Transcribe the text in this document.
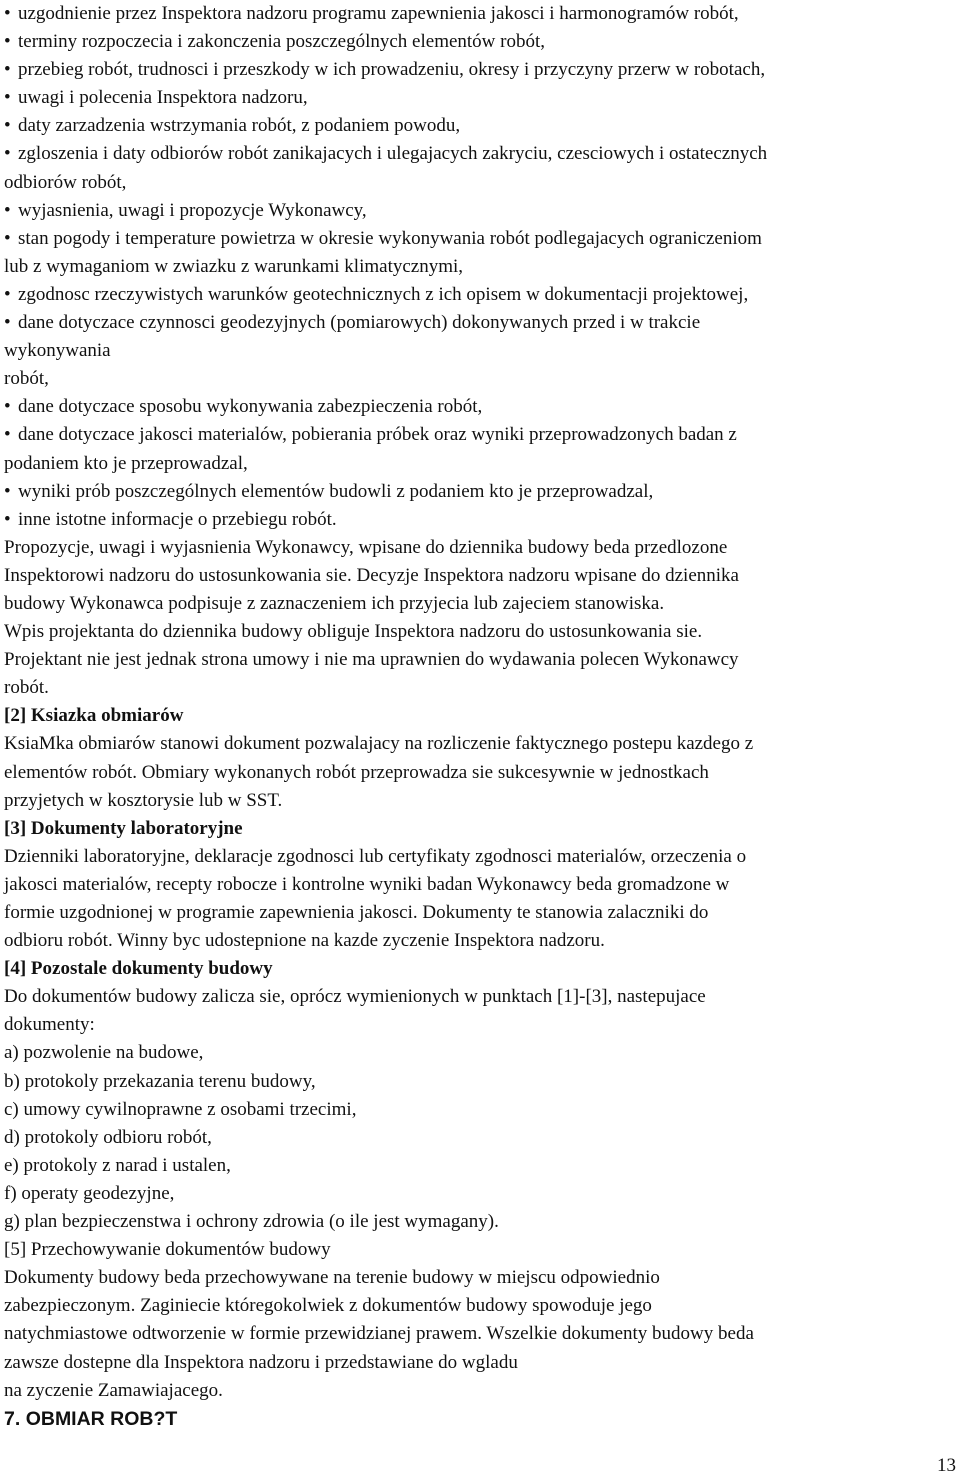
• uzgodnienie przez Inspektora nadzoru programu zapewnienia jakosci i harmonogramów robót,
• terminy rozpoczecia i zakonczenia poszczególnych elementów robót,
• przebieg robót, trudnosci i przeszkody w ich prowadzeniu, okresy i przyczyny przerw w robotach,
• uwagi i polecenia Inspektora nadzoru,
• daty zarzadzenia wstrzymania robót, z podaniem powodu,
• zgloszenia i daty odbiorów robót zanikajacych i ulegajacych zakryciu, czesciowych i ostatecznych
odbiorów robót,
• wyjasnienia, uwagi i propozycje Wykonawcy,
• stan pogody i temperature powietrza w okresie wykonywania robót podlegajacych ograniczeniom
lub z wymaganiom w zwiazku z warunkami klimatycznymi,
• zgodnosc rzeczywistych warunków geotechnicznych z ich opisem w dokumentacji projektowej,
• dane dotyczace czynnosci geodezyjnych (pomiarowych) dokonywanych przed i w trakcie
wykonywania
robót,
• dane dotyczace sposobu wykonywania zabezpieczenia robót,
• dane dotyczace jakosci materialów, pobierania próbek oraz wyniki przeprowadzonych badan z
podaniem kto je przeprowadzal,
• wyniki prób poszczególnych elementów budowli z podaniem kto je przeprowadzal,
• inne istotne informacje o przebiegu robót.
Propozycje, uwagi i wyjasnienia Wykonawcy, wpisane do dziennika budowy beda przedlozone
Inspektorowi nadzoru do ustosunkowania sie. Decyzje Inspektora nadzoru wpisane do dziennika
budowy Wykonawca podpisuje z zaznaczeniem ich przyjecia lub zajeciem stanowiska.
Wpis projektanta do dziennika budowy obliguje Inspektora nadzoru do ustosunkowania sie.
Projektant nie jest jednak strona umowy i nie ma uprawnien do wydawania polecen Wykonawcy
robót.
[2] Ksiazka obmiarów
KsiaMka obmiarów stanowi dokument pozwalajacy na rozliczenie faktycznego postepu kazdego z
elementów robót. Obmiary wykonanych robót przeprowadza sie sukcesywnie w jednostkach
przyjetych w kosztorysie lub w SST.
[3] Dokumenty laboratoryjne
Dzienniki laboratoryjne, deklaracje zgodnosci lub certyfikaty zgodnosci materialów, orzeczenia o
jakosci materialów, recepty robocze i kontrolne wyniki badan Wykonawcy beda gromadzone w
formie uzgodnionej w programie zapewnienia jakosci. Dokumenty te stanowia zalaczniki do
odbioru robót. Winny byc udostepnione na kazde zyczenie Inspektora nadzoru.
[4] Pozostale dokumenty budowy
Do dokumentów budowy zalicza sie, oprócz wymienionych w punktach [1]-[3], nastepujace
dokumenty:
a) pozwolenie na budowe,
b) protokoly przekazania terenu budowy,
c) umowy cywilnoprawne z osobami trzecimi,
d) protokoly odbioru robót,
e) protokoly z narad i ustalen,
f) operaty geodezyjne,
g) plan bezpieczenstwa i ochrony zdrowia (o ile jest wymagany).
[5] Przechowywanie dokumentów budowy
Dokumenty budowy beda przechowywane na terenie budowy w miejscu odpowiednio
zabezpieczonym. Zaginiecie któregokolwiek z dokumentów budowy spowoduje jego
natychmiastowe odtworzenie w formie przewidzianej prawem. Wszelkie dokumenty budowy beda
zawsze dostepne dla Inspektora nadzoru i przedstawiane do wgladu
na zyczenie Zamawiajacego.
7. OBMIAR ROB?T
13
